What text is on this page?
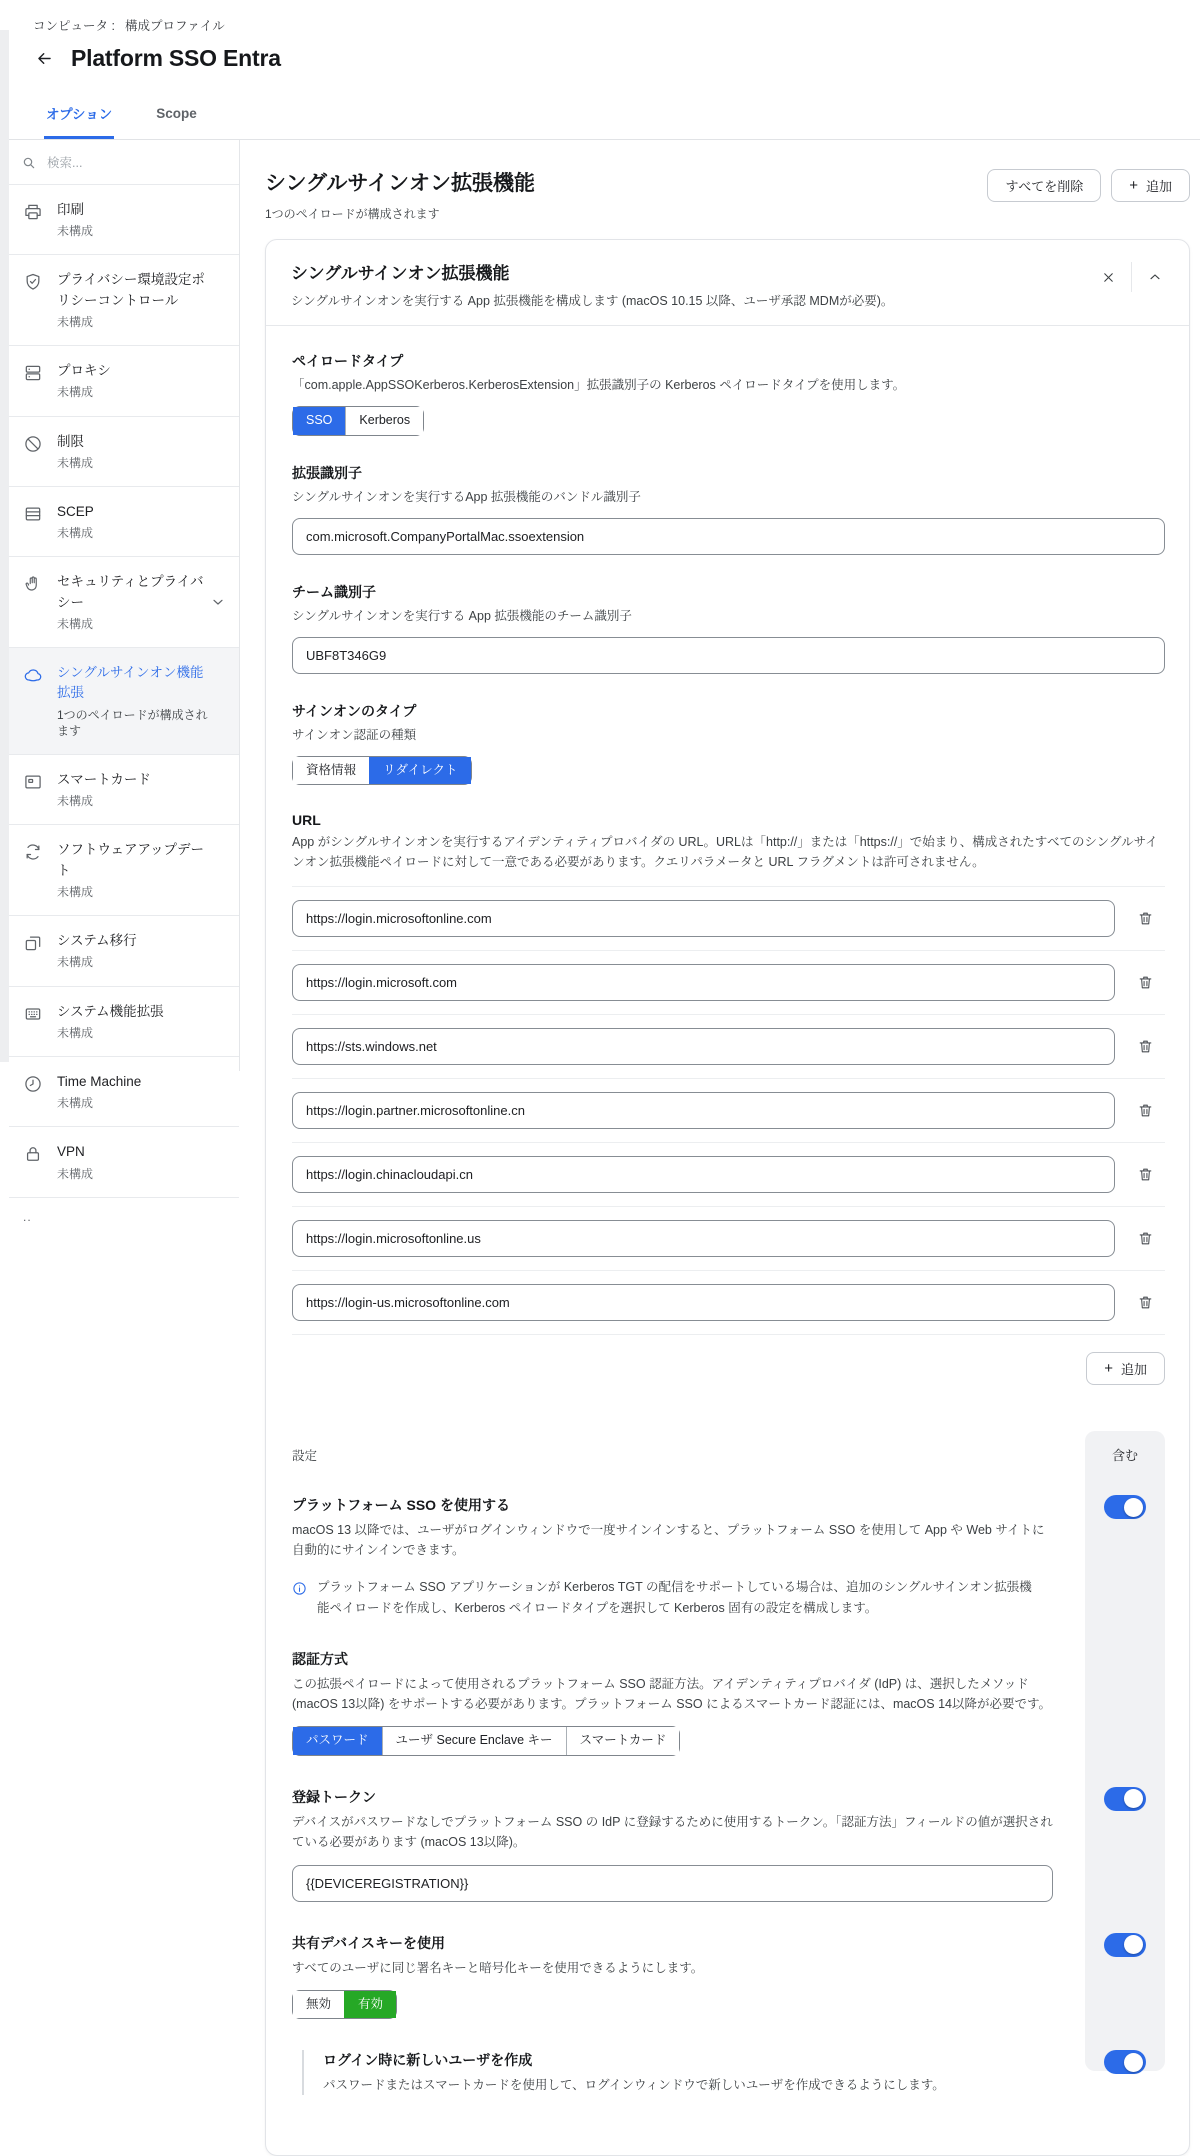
コンピュータ : 構成プロファイル
Platform SSO Entra
オプション	Scope
検索...
印刷
未構成
プライバシー環境設定ポリシーコントロール
未構成
プロキシ
未構成
制限
未構成
SCEP
未構成
セキュリティとプライバシー
未構成
シングルサインオン機能拡張
1つのペイロードが構成されます
スマートカード
未構成
ソフトウェアアップデート
未構成
システム移行
未構成
システム機能拡張
未構成
Time Machine
未構成
VPN
未構成
..
シングルサインオン拡張機能
1つのペイロードが構成されます
すべてを削除	+ 追加
シングルサインオン拡張機能
シングルサインオンを実行する App 拡張機能を構成します (macOS 10.15 以降、ユーザ承認 MDMが必要)。
ペイロードタイプ
「com.apple.AppSSOKerberos.KerberosExtension」拡張識別子の Kerberos ペイロードタイプを使用します。
SSO	Kerberos
拡張識別子
シングルサインオンを実行するApp 拡張機能のバンドル識別子
com.microsoft.CompanyPortalMac.ssoextension
チーム識別子
シングルサインオンを実行する App 拡張機能のチーム識別子
UBF8T346G9
サインオンのタイプ
サインオン認証の種類
資格情報	リダイレクト
URL
App がシングルサインオンを実行するアイデンティティプロバイダの URL。URLは「http://」または「https://」で始まり、構成されたすべてのシングルサインオン拡張機能ペイロードに対して一意である必要があります。クエリパラメータと URL フラグメントは許可されません。
https://login.microsoftonline.com
https://login.microsoft.com
https://sts.windows.net
https://login.partner.microsoftonline.cn
https://login.chinacloudapi.cn
https://login.microsoftonline.us
https://login-us.microsoftonline.com
+ 追加
含む
設定
プラットフォーム SSO を使用する
macOS 13 以降では、ユーザがログインウィンドウで一度サインインすると、プラットフォーム SSO を使用して App や Web サイトに自動的にサインインできます。
プラットフォーム SSO アプリケーションが Kerberos TGT の配信をサポートしている場合は、追加のシングルサインオン拡張機能ペイロードを作成し、Kerberos ペイロードタイプを選択して Kerberos 固有の設定を構成します。
認証方式
この拡張ペイロードによって使用されるプラットフォーム SSO 認証方法。アイデンティティプロバイダ (IdP) は、選択したメソッド (macOS 13以降) をサポートする必要があります。プラットフォーム SSO によるスマートカード認証には、macOS 14以降が必要です。
パスワード	ユーザ Secure Enclave キー	スマートカード
登録トークン
デバイスがパスワードなしでプラットフォーム SSO の IdP に登録するために使用するトークン。「認証方法」フィールドの値が選択されている必要があります (macOS 13以降)。
{{DEVICEREGISTRATION}}
共有デバイスキーを使用
すべてのユーザに同じ署名キーと暗号化キーを使用できるようにします。
無効	有効
ログイン時に新しいユーザを作成
パスワードまたはスマートカードを使用して、ログインウィンドウで新しいユーザを作成できるようにします。
